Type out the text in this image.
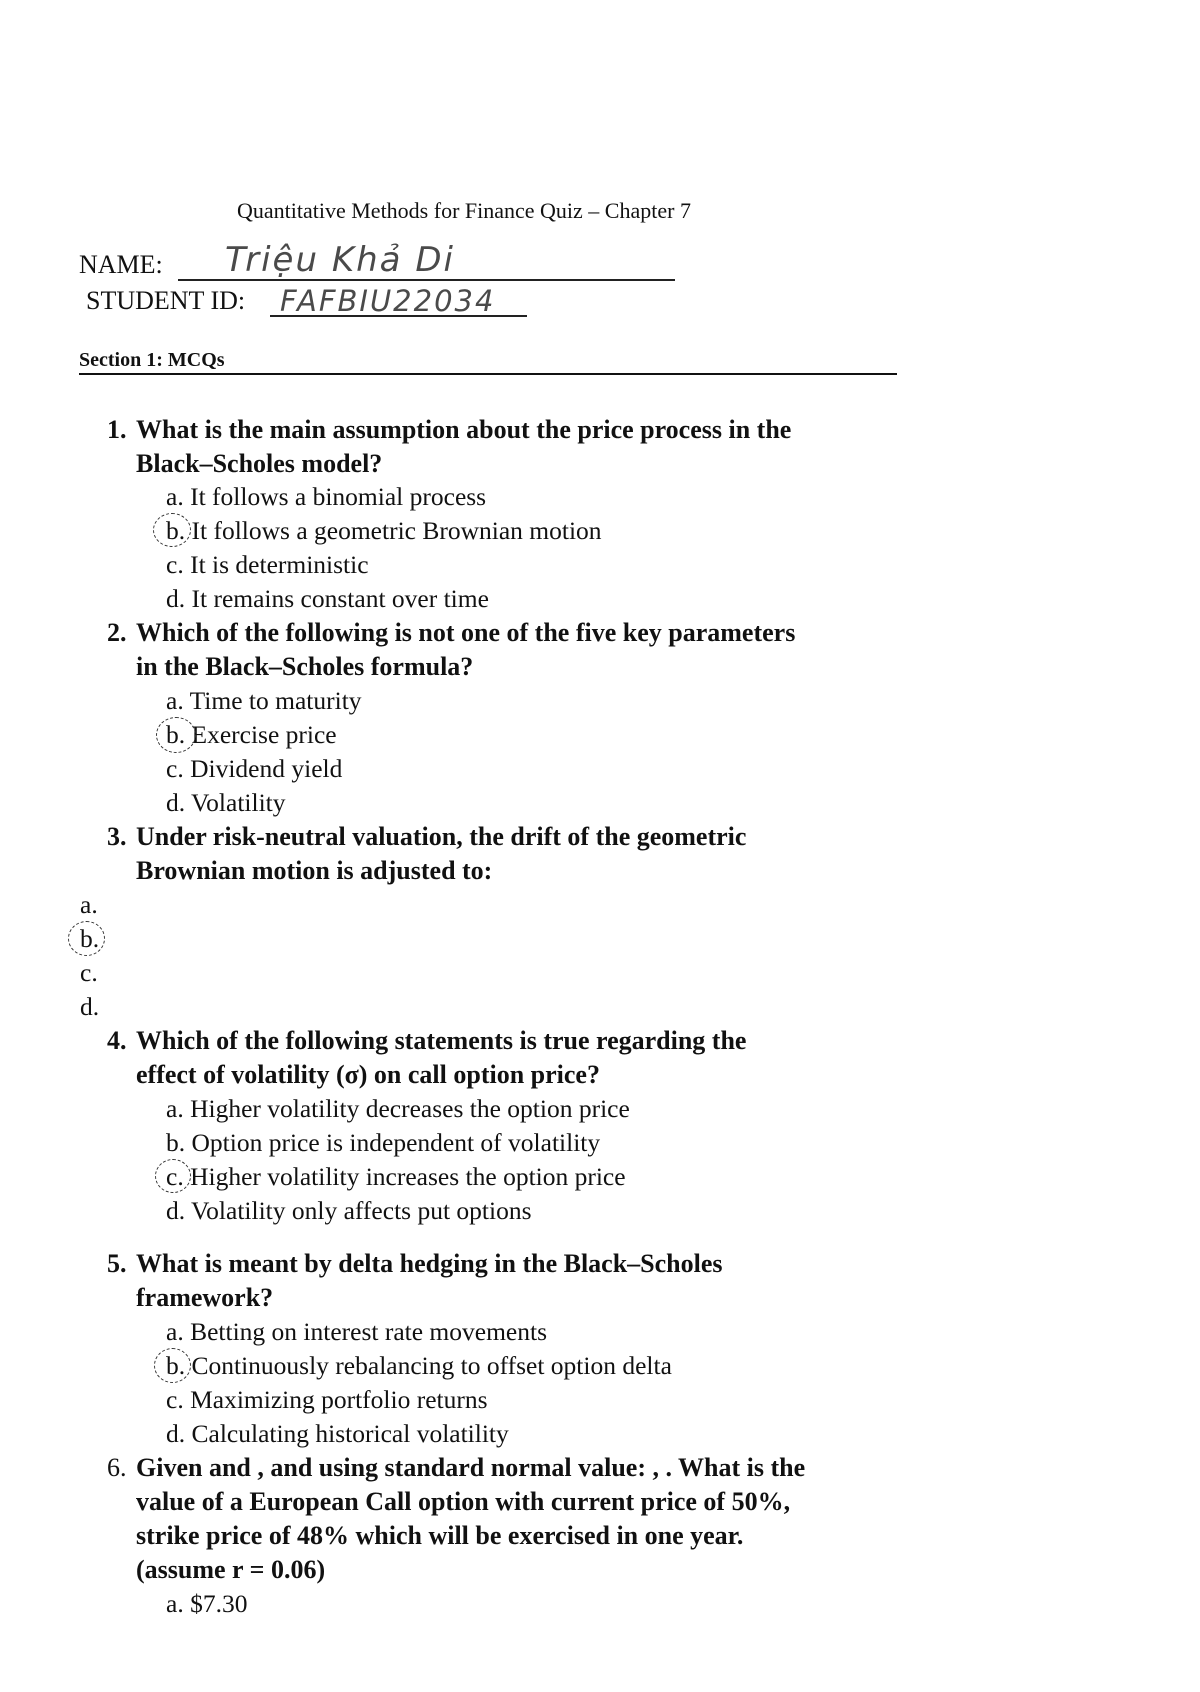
Quantitative Methods for Finance Quiz – Chapter 7
NAME: Triệu Khả Di
STUDENT ID: FAFBIU22034
Section 1: MCQs
1. What is the main assumption about the price process in the
Black–Scholes model?
a. It follows a binomial process
b. It follows a geometric Brownian motion
c. It is deterministic
d. It remains constant over time
2. Which of the following is not one of the five key parameters
in the Black–Scholes formula?
a. Time to maturity
b. Exercise price
c. Dividend yield
d. Volatility
3. Under risk-neutral valuation, the drift of the geometric
Brownian motion is adjusted to:
a.
b.
c.
d.
4. Which of the following statements is true regarding the
effect of volatility (σ) on call option price?
a. Higher volatility decreases the option price
b. Option price is independent of volatility
c. Higher volatility increases the option price
d. Volatility only affects put options
5. What is meant by delta hedging in the Black–Scholes
framework?
a. Betting on interest rate movements
b. Continuously rebalancing to offset option delta
c. Maximizing portfolio returns
d. Calculating historical volatility
6. Given and , and using standard normal value: , . What is the
value of a European Call option with current price of 50%,
strike price of 48% which will be exercised in one year.
(assume r = 0.06)
a. $7.30
